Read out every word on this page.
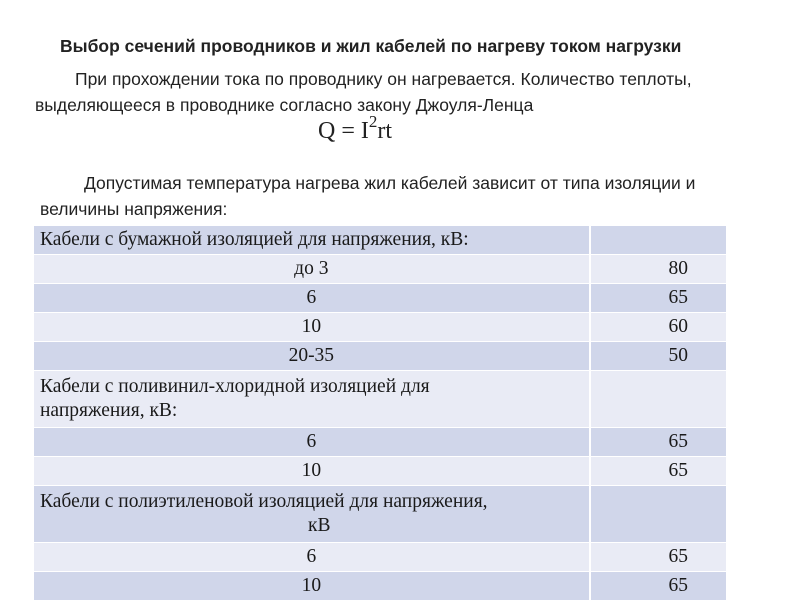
Выбор сечений проводников и жил кабелей по нагреву током нагрузки
При прохождении тока по проводнику он нагревается. Количество теплоты,
выделяющееся в проводнике согласно закону Джоуля-Ленца
$Q = I^2rt$
Допустимая температура нагрева жил кабелей зависит от типа изоляции и
величины напряжения:
Кабели с бумажной изоляцией для напряжения, кВ:	
до 3	80
6	65
10	60
20-35	50
Кабели с поливинил-хлоридной изоляцией для
напряжения, кВ:	
6	65
10	65
Кабели с полиэтиленовой изоляцией для напряжения,
кВ	

6	65
10	65
